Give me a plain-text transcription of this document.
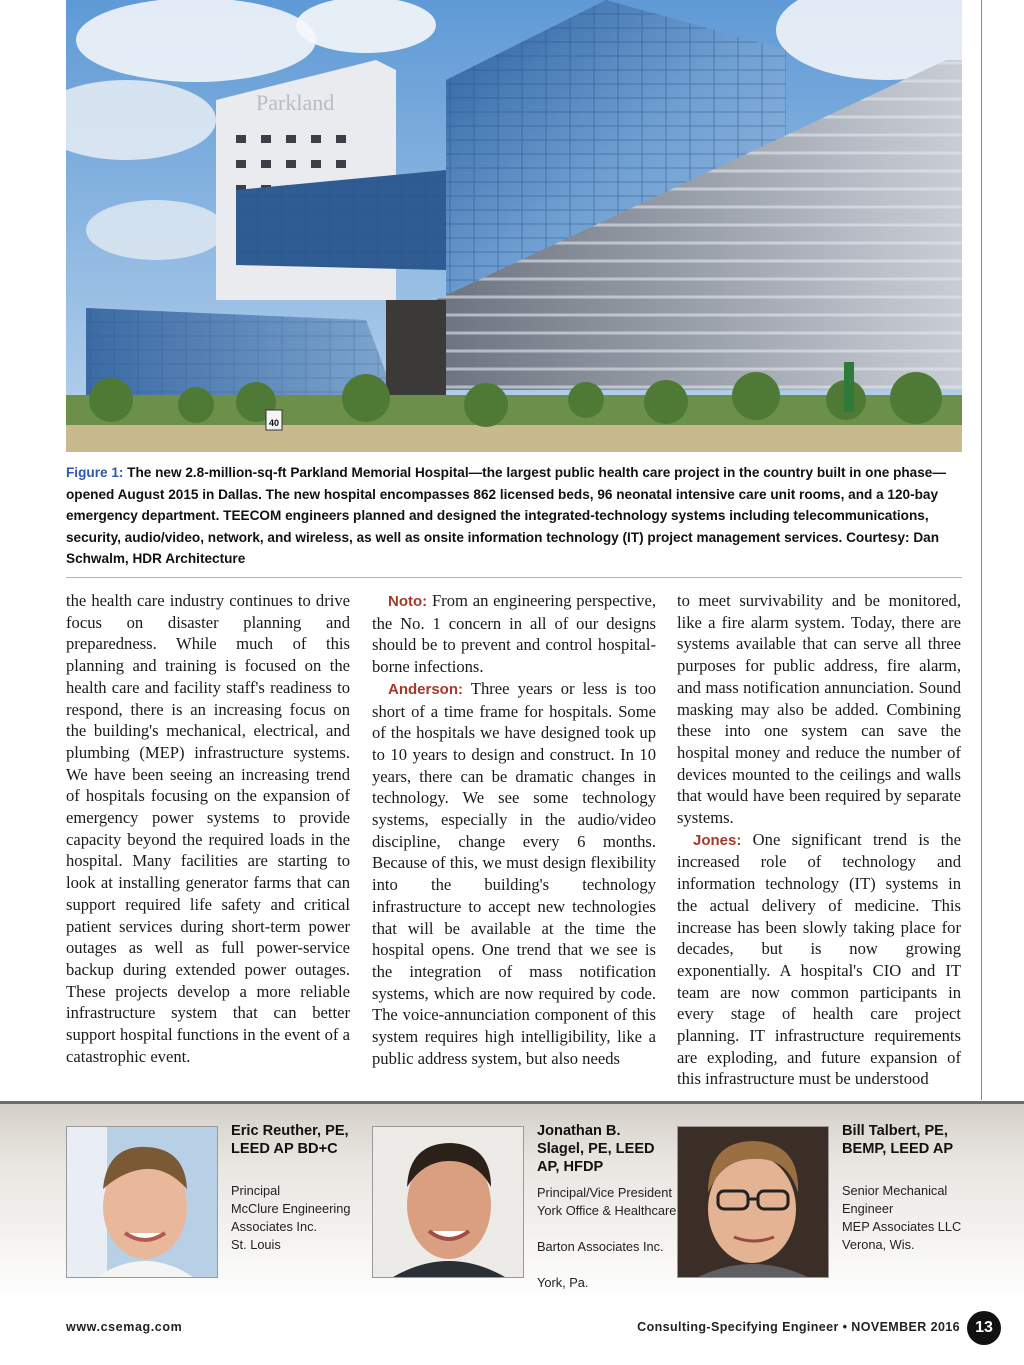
Parkland
40
Figure 1: The new 2.8-million-sq-ft Parkland Memorial Hospital—the largest public health care project in the country built in one phase—opened August 2015 in Dallas. The new hospital encompasses 862 licensed beds, 96 neonatal intensive care unit rooms, and a 120-bay emergency department. TEECOM engineers planned and designed the integrated-technology systems including telecommunications, security, audio/video, network, and wireless, as well as onsite information technology (IT) project management services. Courtesy: Dan Schwalm, HDR Architecture

the health care industry continues to drive focus on disaster planning and preparedness. While much of this planning and training is focused on the health care and facility staff's readiness to respond, there is an increasing focus on the building's mechanical, electrical, and plumbing (MEP) infrastructure systems. We have been seeing an increasing trend of hospitals focusing on the expansion of emergency power systems to provide capacity beyond the required loads in the hospital. Many facilities are starting to look at installing generator farms that can support required life safety and critical patient services during short-term power outages as well as full power-service backup during extended power outages. These projects develop a more reliable infrastructure system that can better support hospital functions in the event of a catastrophic event.

Noto: From an engineering perspective, the No. 1 concern in all of our designs should be to prevent and control hospital-borne infections.

Anderson: Three years or less is too short of a time frame for hospitals. Some of the hospitals we have designed took up to 10 years to design and construct. In 10 years, there can be dramatic changes in technology. We see some technology systems, especially in the audio/video discipline, change every 6 months. Because of this, we must design flexibility into the building's technology infrastructure to accept new technologies that will be available at the time the hospital opens. One trend that we see is the integration of mass notification systems, which are now required by code. The voice-annunciation component of this system requires high intelligibility, like a public address system, but also needs

to meet survivability and be monitored, like a fire alarm system. Today, there are systems available that can serve all three purposes for public address, fire alarm, and mass notification annunciation. Sound masking may also be added. Combining these into one system can save the hospital money and reduce the number of devices mounted to the ceilings and walls that would have been required by separate systems.

Jones: One significant trend is the increased role of technology and information technology (IT) systems in the actual delivery of medicine. This increase has been slowly taking place for decades, but is now growing exponentially. A hospital's CIO and IT team are now common participants in every stage of health care project planning. IT infrastructure requirements are exploding, and future expansion of this infrastructure must be understood

Eric Reuther, PE, LEED AP BD+C
Principal
McClure Engineering Associates Inc.
St. Louis
Jonathan B. Slagel, PE, LEED AP, HFDP
Principal/Vice President York Office & Healthcare
Barton Associates Inc.
York, Pa.
Bill Talbert, PE, BEMP, LEED AP
Senior Mechanical Engineer
MEP Associates LLC
Verona, Wis.
www.csemag.com	Consulting-Specifying Engineer • NOVEMBER 2016 13
